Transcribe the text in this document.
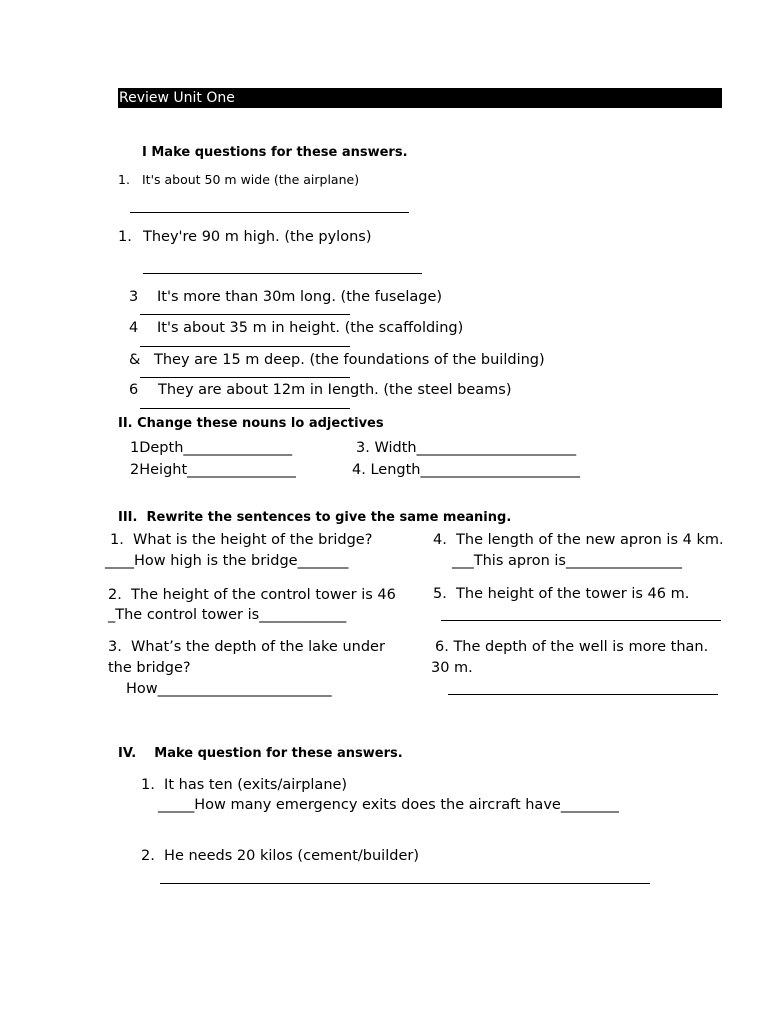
Review Unit One
I Make questions for these answers.
1. It's about 50 m wide (the airplane)
1. They're 90 m high. (the pylons)
3 It's more than 30m long. (the fuselage)
4 It's about 35 m in height. (the scaffolding)
& They are 15 m deep. (the foundations of the building)
6 They are about 12m in Iength. (the steel beams)
II. Change these nouns lo adjectives
1Depth_______________	3. Width______________________
2Height_______________	4. Length______________________
III.  Rewrite the sentences to give the same meaning.
1.  What is the height of the bridge?
____How high is the bridge_______
4.  The length of the new apron is 4 km.
___This apron is________________
2.  The height of the control tower is 46
_The control tower is____________
5.  The height of the tower is 46 m.
3.  What’s the depth of the lake under
the bridge?
How________________________
6. The depth of the well is more than.
30 m.
IV.    Make question for these answers.
1.  It has ten (exits/airplane)
_____How many emergency exits does the aircraft have________
2.  He needs 20 kilos (cement/builder)
